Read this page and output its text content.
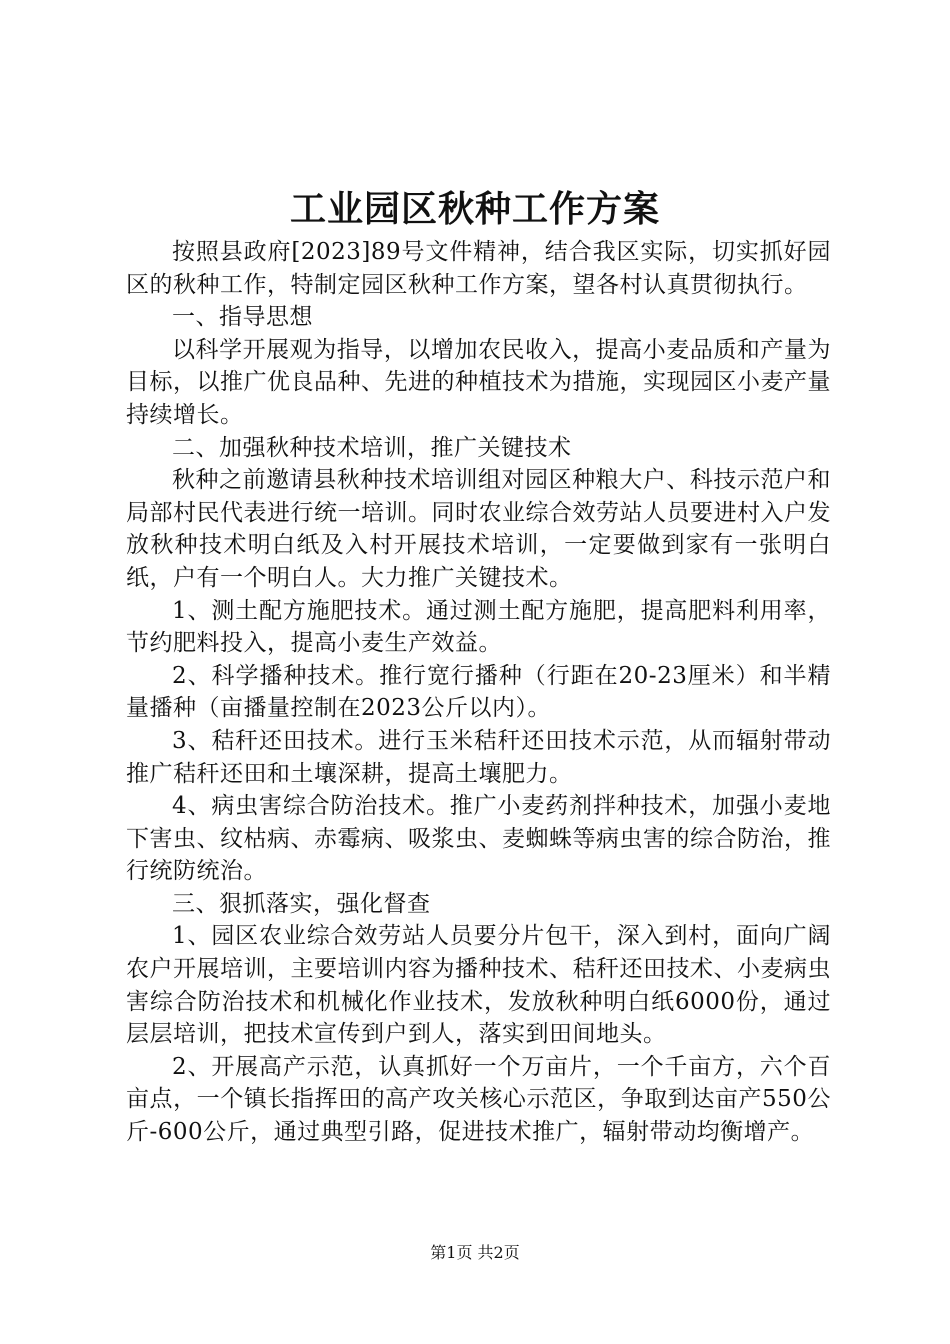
工业园区秋种工作方案

按照县政府[2023]89号文件精神，结合我区实际，切实抓好园区的秋种工作，特制定园区秋种工作方案，望各村认真贯彻执行。

一、指导思想

以科学开展观为指导，以增加农民收入，提高小麦品质和产量为目标，以推广优良品种、先进的种植技术为措施，实现园区小麦产量持续增长。

二、加强秋种技术培训，推广关键技术

秋种之前邀请县秋种技术培训组对园区种粮大户、科技示范户和局部村民代表进行统一培训。同时农业综合效劳站人员要进村入户发放秋种技术明白纸及入村开展技术培训，一定要做到家有一张明白纸，户有一个明白人。大力推广关键技术。

1、测土配方施肥技术。通过测土配方施肥，提高肥料利用率，节约肥料投入，提高小麦生产效益。

2、科学播种技术。推行宽行播种（行距在20-23厘米）和半精量播种（亩播量控制在2023公斤以内）。

3、秸秆还田技术。进行玉米秸秆还田技术示范，从而辐射带动推广秸秆还田和土壤深耕，提高土壤肥力。

4、病虫害综合防治技术。推广小麦药剂拌种技术，加强小麦地下害虫、纹枯病、赤霉病、吸浆虫、麦蜘蛛等病虫害的综合防治，推行统防统治。

三、狠抓落实，强化督查

1、园区农业综合效劳站人员要分片包干，深入到村，面向广阔农户开展培训，主要培训内容为播种技术、秸秆还田技术、小麦病虫害综合防治技术和机械化作业技术，发放秋种明白纸6000份，通过层层培训，把技术宣传到户到人，落实到田间地头。

2、开展高产示范，认真抓好一个万亩片，一个千亩方，六个百亩点，一个镇长指挥田的高产攻关核心示范区，争取到达亩产550公斤-600公斤，通过典型引路，促进技术推广，辐射带动均衡增产。

第1页 共2页
